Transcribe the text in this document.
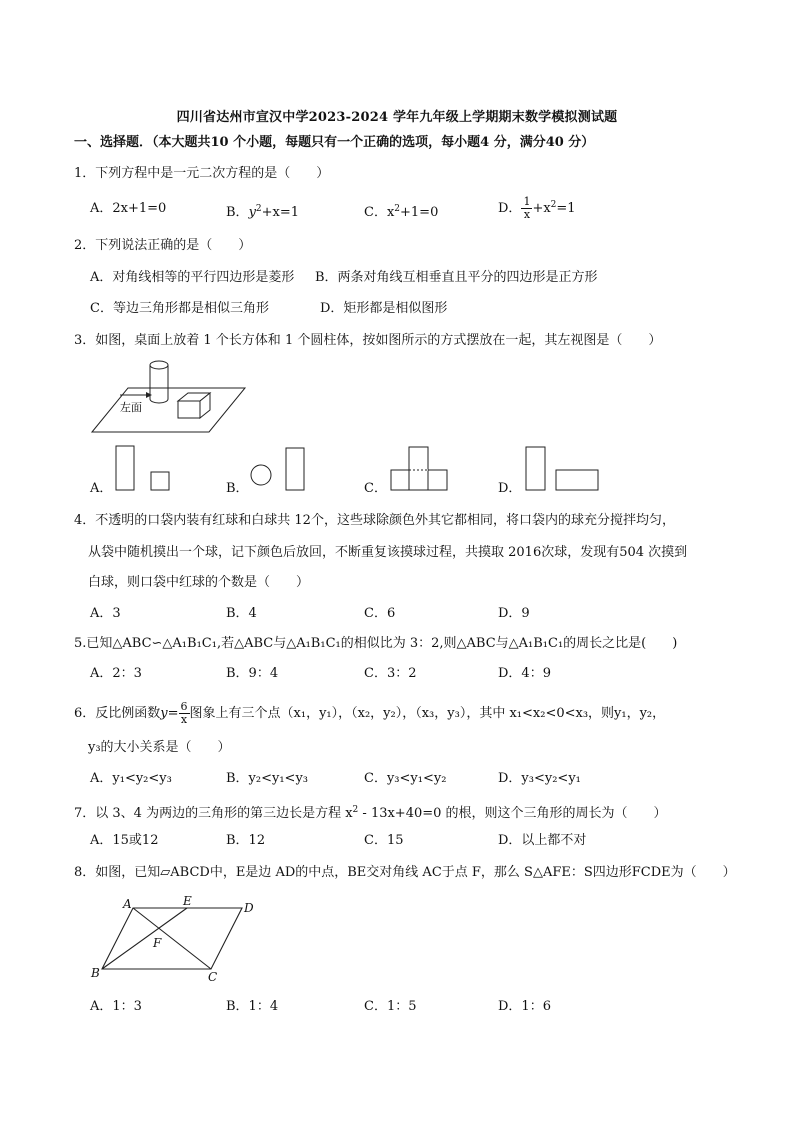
四川省达州市宣汉中学2023-2024 学年九年级上学期期末数学模拟测试题
一、选择题．（本大题共10 个小题，每题只有一个正确的选项，每小题4 分，满分40 分）
1．下列方程中是一元二次方程的是（　　）
A．2x+1=0	B．$y^2+x=1$	C．$x^2+1=0$	D． $\frac{1}{x} +x^2=1$
2．下列说法正确的是（　　）
A．对角线相等的平行四边形是菱形 B．两条对角线互相垂直且平分的四边形是正方形
C．等边三角形都是相似三角形	D．矩形都是相似图形
3．如图，桌面上放着 1 个长方体和 1 个圆柱体，按如图所示的方式摆放在一起，其左视图是（　　）
左面
A．	B．	C．	D．
4．不透明的口袋内装有红球和白球共 12个，这些球除颜色外其它都相同，将口袋内的球充分搅拌均匀，
从袋中随机摸出一个球，记下颜色后放回，不断重复该摸球过程，共摸取 2016次球，发现有504 次摸到
白球，则口袋中红球的个数是（　　）
A．3	B．4	C．6	D．9
5.已知△ABC∽△A₁B₁C₁,若△ABC与△A₁B₁C₁的相似比为 3：2,则△ABC与△A₁B₁C₁的周长之比是(　　)
A．2：3	B．9：4	C．3：2	D．4：9
6．反比例函数$y= \frac{6}{x}$ 图象上有三个点（x₁，y₁），（x₂，y₂），（x₃，y₃），其中 x₁<x₂<0<x₃，则y₁，y₂，
y₃的大小关系是（　　）
A．y₁<y₂<y₃	B．y₂<y₁<y₃	C．y₃<y₁<y₂	D．y₃<y₂<y₁
7．以 3、4 为两边的三角形的第三边长是方程 $x^2 - 13x+40=0$ 的根，则这个三角形的周长为（　　）
A．15或12	B．12	C．15	D．以上都不对
8．如图，已知▱ABCD中，E是边 AD的中点，BE交对角线 AC于点 F，那么 S△AFE：S四边形FCDE为（　　）
A	E	D
F
B	C
A．1：3	B．1：4	C．1：5	D．1：6
